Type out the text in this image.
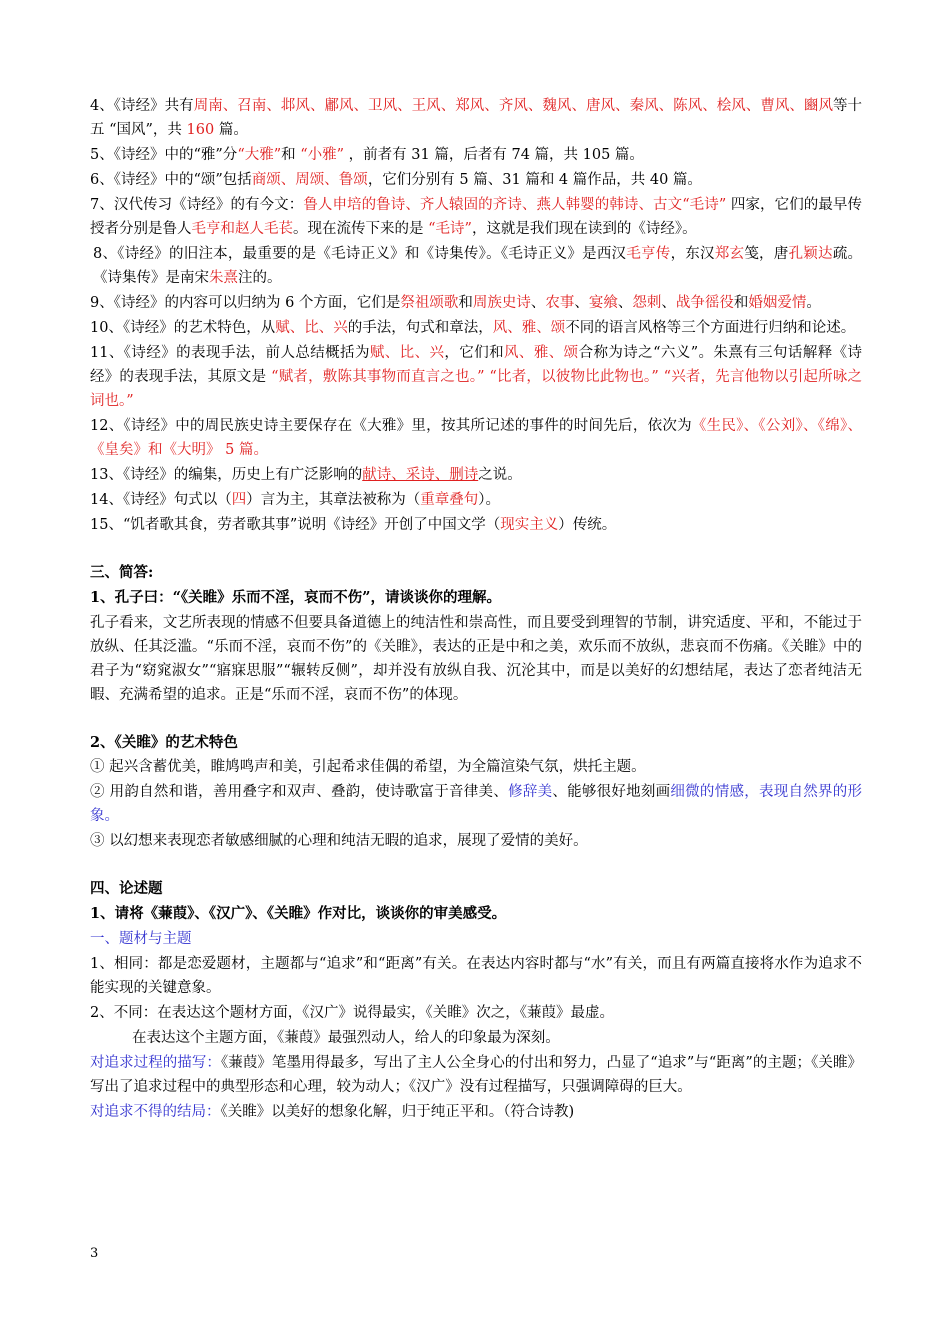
4、《诗经》共有周南、召南、邶风、鄘风、卫风、王风、郑风、齐风、魏风、唐风、秦风、陈风、桧风、曹风、豳风等十五 “国风”，共 160 篇。

5、《诗经》中的“雅”分“大雅”和 “小雅” ，前者有 31 篇，后者有 74 篇，共 105 篇。

6、《诗经》中的“颂”包括商颂、周颂、鲁颂，它们分别有 5 篇、31 篇和 4 篇作品，共 40 篇。

7、汉代传习《诗经》的有今文：鲁人申培的鲁诗、齐人辕固的齐诗、燕人韩婴的韩诗、古文“毛诗” 四家，它们的最早传授者分别是鲁人毛亨和赵人毛苌。现在流传下来的是 “毛诗”，这就是我们现在读到的《诗经》。

8、《诗经》的旧注本，最重要的是《毛诗正义》和《诗集传》。《毛诗正义》是西汉毛亨传，东汉郑玄笺，唐孔颖达疏。《诗集传》是南宋朱熹注的。

9、《诗经》的内容可以归纳为 6 个方面，它们是祭祖颂歌和周族史诗、农事、宴飨、怨刺、战争徭役和婚姻爱情。

10、《诗经》的艺术特色，从赋、比、兴的手法，句式和章法，风、雅、颂不同的语言风格等三个方面进行归纳和论述。

11、《诗经》的表现手法，前人总结概括为赋、比、兴，它们和风、雅、颂合称为诗之“六义”。朱熹有三句话解释《诗经》的表现手法，其原文是 “赋者，敷陈其事物而直言之也。” “比者，以彼物比此物也。” “兴者，先言他物以引起所咏之词也。”

12、《诗经》中的周民族史诗主要保存在《大雅》里，按其所记述的事件的时间先后，依次为《生民》、《公刘》、《绵》、《皇矣》和《大明》 5 篇。

13、《诗经》的编集，历史上有广泛影响的献诗、采诗、删诗之说。

14、《诗经》句式以（四）言为主，其章法被称为（重章叠句）。

15、“饥者歌其食，劳者歌其事”说明《诗经》开创了中国文学（现实主义）传统。

三、简答:

1、孔子曰：“《关睢》乐而不淫，哀而不伤”，请谈谈你的理解。

孔子看来，文艺所表现的情感不但要具备道德上的纯洁性和崇高性，而且要受到理智的节制，讲究适度、平和，不能过于放纵、任其泛滥。“乐而不淫，哀而不伤”的《关睢》，表达的正是中和之美，欢乐而不放纵，悲哀而不伤痛。《关睢》中的君子为“窈窕淑女”“寤寐思服”“辗转反侧”，却并没有放纵自我、沉沦其中，而是以美好的幻想结尾，表达了恋者纯洁无暇、充满希望的追求。正是“乐而不淫，哀而不伤”的体现。

2、《关睢》的艺术特色

① 起兴含蓄优美，睢鸠鸣声和美，引起希求佳偶的希望，为全篇渲染气氛，烘托主题。

② 用韵自然和谐，善用叠字和双声、叠韵，使诗歌富于音律美、修辞美、能够很好地刻画细微的情感，表现自然界的形象。

③ 以幻想来表现恋者敏感细腻的心理和纯洁无暇的追求，展现了爱情的美好。

四、论述题

1、请将《蒹葭》、《汉广》、《关睢》作对比，谈谈你的审美感受。

一、题材与主题

1、相同：都是恋爱题材，主题都与“追求”和“距离”有关。在表达内容时都与“水”有关，而且有两篇直接将水作为追求不能实现的关键意象。

2、不同：在表达这个题材方面，《汉广》说得最实，《关睢》次之，《蒹葭》最虚。

在表达这个主题方面，《蒹葭》最强烈动人，给人的印象最为深刻。

对追求过程的描写：《蒹葭》笔墨用得最多，写出了主人公全身心的付出和努力，凸显了“追求”与“距离”的主题；《关睢》写出了追求过程中的典型形态和心理，较为动人；《汉广》没有过程描写，只强调障碍的巨大。

对追求不得的结局：《关睢》以美好的想象化解，归于纯正平和。（符合诗教)

3
